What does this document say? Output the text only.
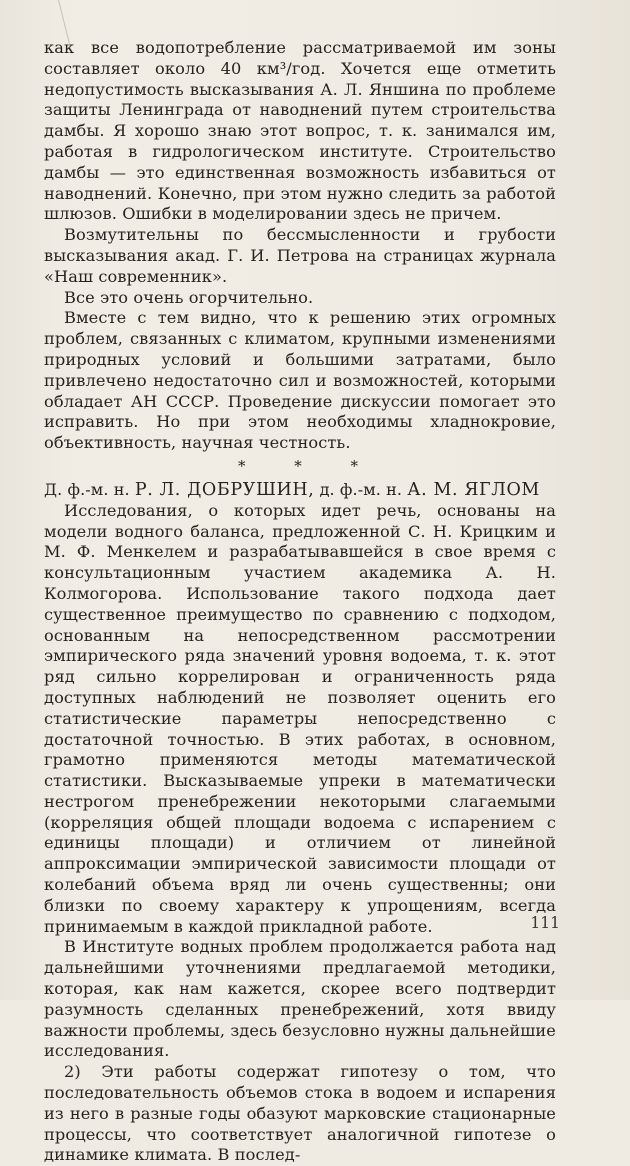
как все водопотребление рассматриваемой им зоны составляет около 40 км³/год. Хочется еще отметить недопустимость высказывания А. Л. Яншина по проблеме защиты Ленинграда от наводнений путем строительства дамбы. Я хорошо знаю этот вопрос, т. к. занимался им, работая в гидрологическом институте. Строительство дамбы — это единственная возможность избавиться от наводнений. Конечно, при этом нужно следить за работой шлюзов. Ошибки в моделировании здесь не причем.

Возмутительны по бессмысленности и грубости высказывания акад. Г. И. Петрова на страницах журнала «Наш современник».

Все это очень огорчительно.

Вместе с тем видно, что к решению этих огромных проблем, связанных с климатом, крупными изменениями природных условий и большими затратами, было привлечено недостаточно сил и возможностей, которыми обладает АН СССР. Проведение дискуссии помогает это исправить. Но при этом необходимы хладнокровие, объективность, научная честность.

* * *

Д. ф.-м. н. Р. Л. ДОБРУШИН, д. ф.-м. н. А. М. ЯГЛОМ

Исследования, о которых идет речь, основаны на модели водного баланса, предложенной С. Н. Крицким и М. Ф. Менкелем и разрабатывавшейся в свое время с консультационным участием академика А. Н. Колмогорова. Использование такого подхода дает существенное преимущество по сравнению с подходом, основанным на непосредственном рассмотрении эмпирического ряда значений уровня водоема, т. к. этот ряд сильно коррелирован и ограниченность ряда доступных наблюдений не позволяет оценить его статистические параметры непосредственно с достаточной точностью. В этих работах, в основном, грамотно применяются методы математической статистики. Высказываемые упреки в математически нестрогом пренебрежении некоторыми слагаемыми (корреляция общей площади водоема с испарением с единицы площади) и отличием от линейной аппроксимации эмпирической зависимости площади от колебаний объема вряд ли очень существенны; они близки по своему характеру к упрощениям, всегда принимаемым в каждой прикладной работе.

В Институте водных проблем продолжается работа над дальнейшими уточнениями предлагаемой методики, которая, как нам кажется, скорее всего подтвердит разумность сделанных пренебрежений, хотя ввиду важности проблемы, здесь безусловно нужны дальнейшие исследования.

2) Эти работы содержат гипотезу о том, что последовательность объемов стока в водоем и испарения из него в разные годы обазуют марковские стационарные процессы, что соответствует аналогичной гипотезе о динамике климата. В послед-

111
